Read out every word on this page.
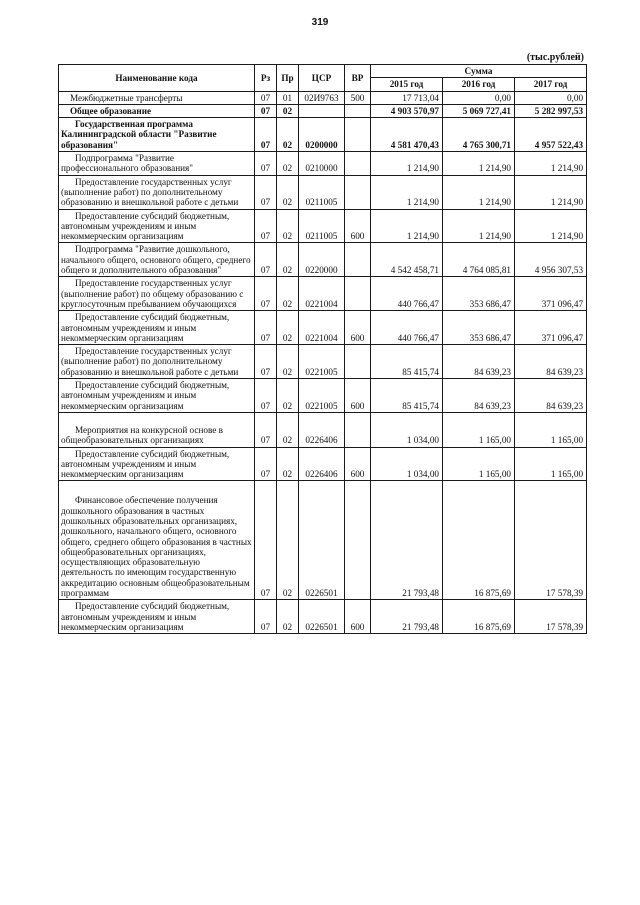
319
(тыс.рублей)
Наименование кода	Рз	Пр	ЦСР	ВР	Сумма		
					2015 год	2016 год	2017 год
Межбюджетные трансферты	07	01	02И9763	500	17 713,04	0,00	0,00
Общее образование	07	02			4 903 570,97	5 069 727,41	5 282 997,53
Государственная программа Калининградской области "Развитие образования"	07	02	0200000		4 581 470,43	4 765 300,71	4 957 522,43
Подпрограмма "Развитие профессионального образования"	07	02	0210000		1 214,90	1 214,90	1 214,90
Предоставление государственных услуг (выполнение работ) по дополнительному образованию и внешкольной работе с детьми	07	02	0211005		1 214,90	1 214,90	1 214,90
Предоставление субсидий бюджетным, автономным учреждениям и иным некоммерческим организациям	07	02	0211005	600	1 214,90	1 214,90	1 214,90
Подпрограмма "Развитие дошкольного, начального общего, основного общего, среднего общего и дополнительного образования"	07	02	0220000		4 542 458,71	4 764 085,81	4 956 307,53
Предоставление государственных услуг (выполнение работ) по общему образованию с круглосуточным пребыванием обучающихся	07	02	0221004		440 766,47	353 686,47	371 096,47
Предоставление субсидий бюджетным, автономным учреждениям и иным некоммерческим организациям	07	02	0221004	600	440 766,47	353 686,47	371 096,47
Предоставление государственных услуг (выполнение работ) по дополнительному образованию и внешкольной работе с детьми	07	02	0221005		85 415,74	84 639,23	84 639,23
Предоставление субсидий бюджетным, автономным учреждениям и иным некоммерческим организациям	07	02	0221005	600	85 415,74	84 639,23	84 639,23
Мероприятия на конкурсной основе в общеобразовательных организациях	07	02	0226406		1 034,00	1 165,00	1 165,00
Предоставление субсидий бюджетным, автономным учреждениям и иным некоммерческим организациям	07	02	0226406	600	1 034,00	1 165,00	1 165,00
Финансовое обеспечение получения дошкольного образования в частных дошкольных образовательных организациях, дошкольного, начального общего, основного общего, среднего общего образования в частных общеобразовательных организациях, осуществляющих образовательную деятельность по имеющим государственную аккредитацию основным общеобразовательным программам	07	02	0226501		21 793,48	16 875,69	17 578,39
Предоставление субсидий бюджетным, автономным учреждениям и иным некоммерческим организациям	07	02	0226501	600	21 793,48	16 875,69	17 578,39
